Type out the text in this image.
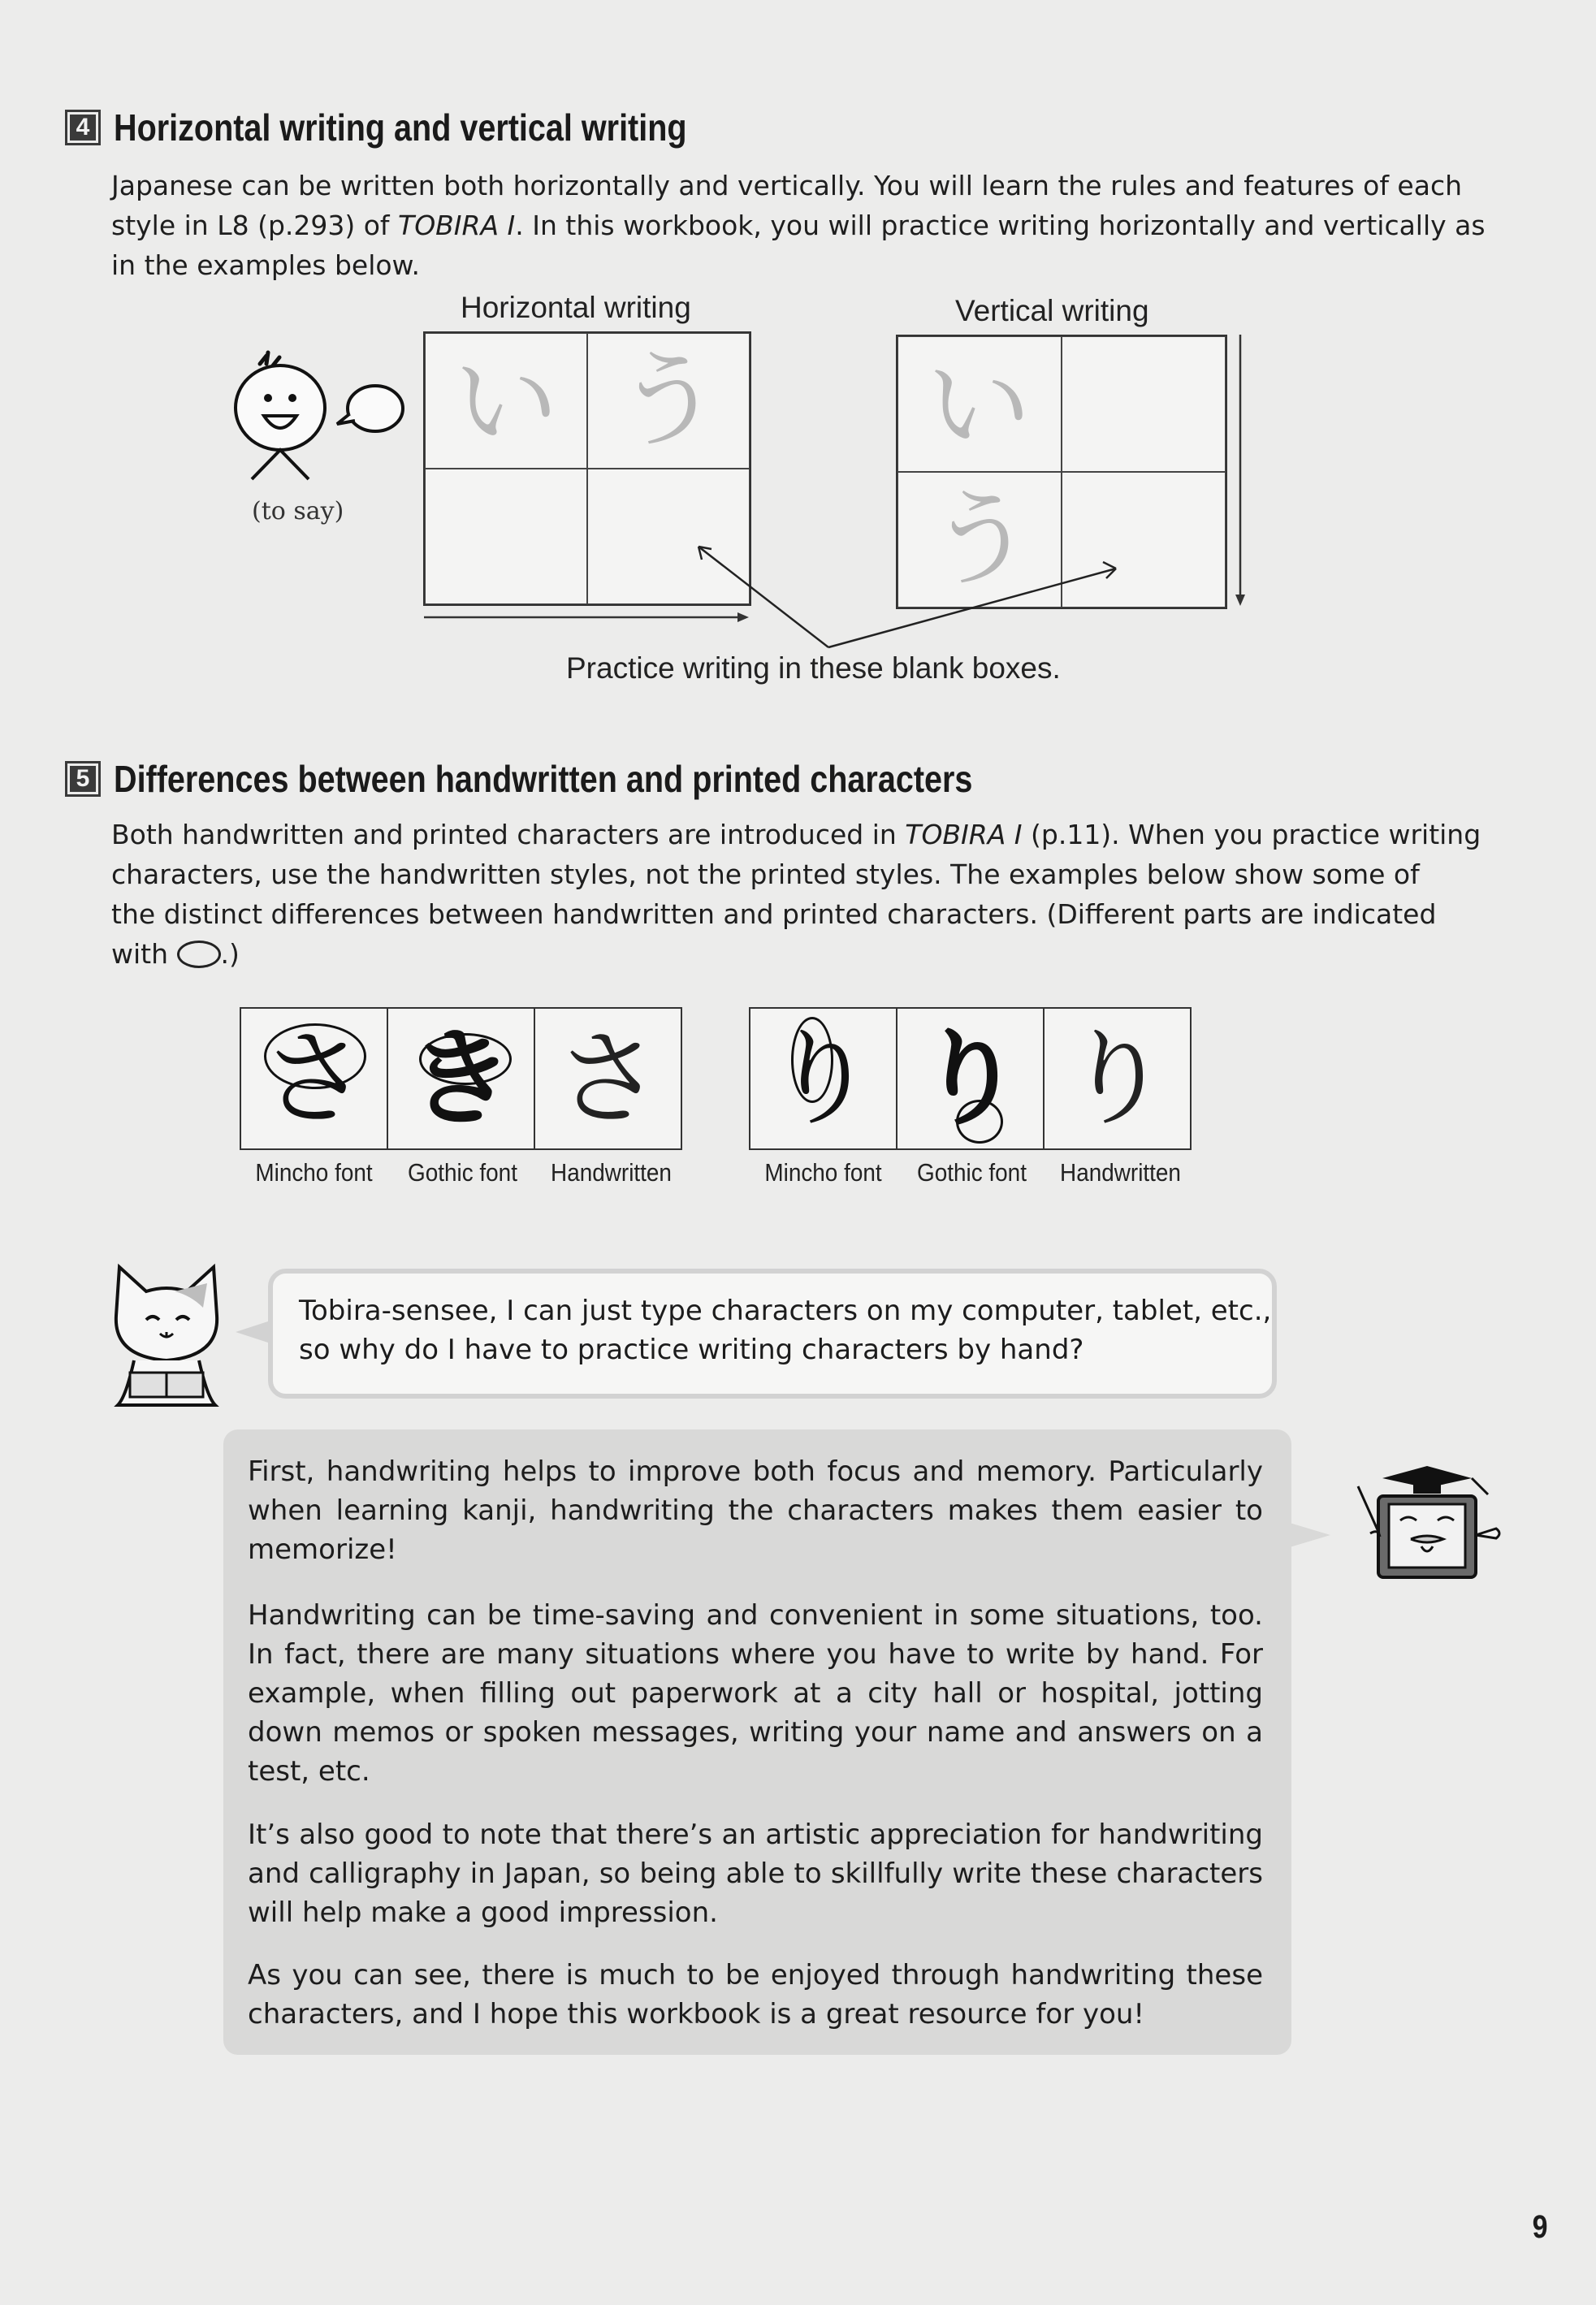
4 Horizontal writing and vertical writing
Japanese can be written both horizontally and vertically. You will learn the rules and features of each
style in L8 (p.293) of TOBIRA I. In this workbook, you will practice writing horizontally and vertically as
in the examples below.
Horizontal writing	Vertical writing
(to say)
い う い
う
Practice writing in these blank boxes.
5 Differences between handwritten and printed characters
Both handwritten and printed characters are introduced in TOBIRA I (p.11). When you practice writing
characters, use the handwritten styles, not the printed styles. The examples below show some of
the distinct differences between handwritten and printed characters. (Different parts are indicated
with .)
さ き さ
Mincho font	Gothic font	Handwritten
り り り
Mincho font	Gothic font	Handwritten
Tobira-sensee, I can just type characters on my computer, tablet, etc.,
so why do I have to practice writing characters by hand?
First, handwriting helps to improve both focus and memory. Particularly when learning kanji, handwriting the characters makes them easier to memorize!
Handwriting can be time-saving and convenient in some situations, too. In fact, there are many situations where you have to write by hand. For example, when filling out paperwork at a city hall or hospital, jotting down memos or spoken messages, writing your name and answers on a test, etc.
It’s also good to note that there’s an artistic appreciation for handwriting and calligraphy in Japan, so being able to skillfully write these characters will help make a good impression.
As you can see, there is much to be enjoyed through handwriting these characters, and I hope this workbook is a great resource for you!
9
